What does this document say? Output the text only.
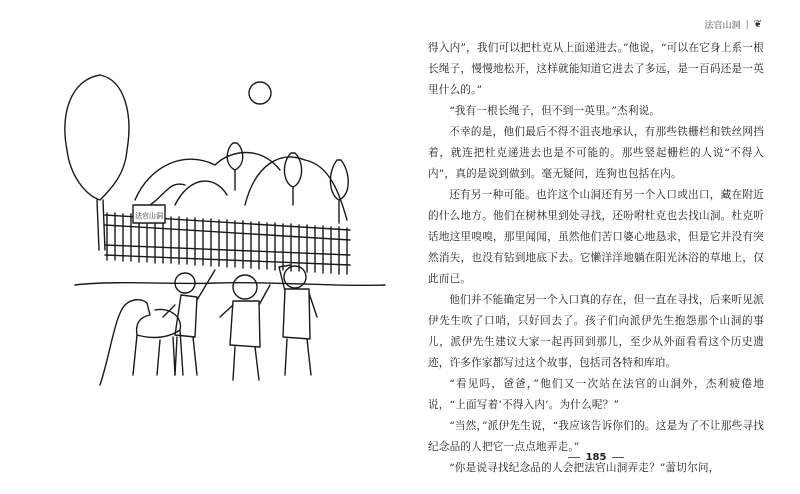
法官山洞
法官山洞 | ❦

得入内”，我们可以把杜克从上面递进去。”他说，“可以在它身上系一根长绳子，慢慢地松开，这样就能知道它进去了多远，是一百码还是一英里什么的。”

“我有一根长绳子，但不到一英里。”杰利说。

不幸的是，他们最后不得不沮丧地承认，有那些铁栅栏和铁丝网挡着，就连把杜克递进去也是不可能的。那些竖起栅栏的人说“不得入内”，真的是说到做到。毫无疑问，连狗也包括在内。

还有另一种可能。也许这个山洞还有另一个入口或出口，藏在附近的什么地方。他们在树林里到处寻找，还吩咐杜克也去找山洞。杜克听话地这里嗅嗅，那里闻闻，虽然他们苦口婆心地恳求，但是它并没有突然消失，也没有钻到地底下去。它懒洋洋地躺在阳光沐浴的草地上，仅此而已。

他们并不能确定另一个入口真的存在，但一直在寻找，后来听见派伊先生吹了口哨，只好回去了。孩子们向派伊先生抱怨那个山洞的事儿，派伊先生建议大家一起再回到那儿，至少从外面看看这个历史遗迹，许多作家都写过这个故事，包括司各特和库珀。

“看见吗，爸爸，”他们又一次站在法官的山洞外，杰利疲倦地说，“上面写着‘不得入内’。为什么呢？”

“当然，”派伊先生说，“我应该告诉你们的。这是为了不让那些寻找纪念品的人把它一点点地弄走。”

“你是说寻找纪念品的人会把法官山洞弄走？”蕾切尔问，

185
